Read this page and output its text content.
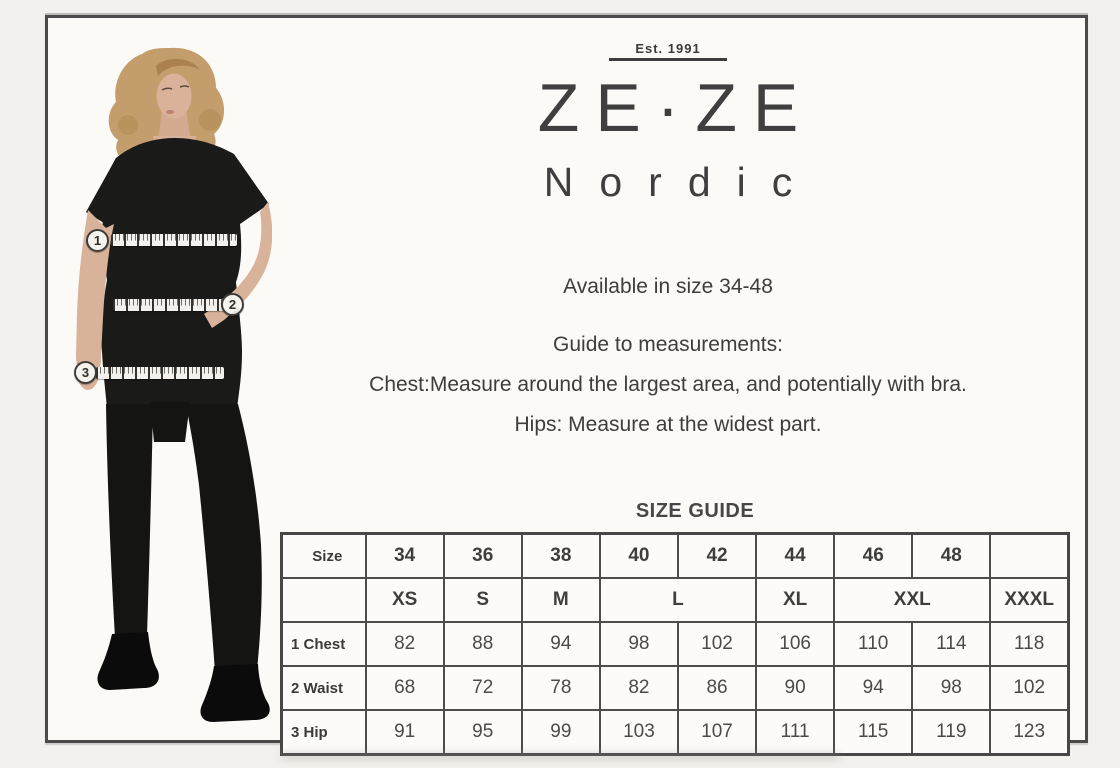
1
2
3
Est. 1991
ZE·ZE
Nordic

Available in size 34-48

Guide to measurements:

Chest:Measure around the largest area, and potentially with bra.

Hips: Measure at the widest part.

SIZE GUIDE
Size	34	36	38	40	42	44	46	48	
	XS	S	M	L		XL	XXL		XXXL
1 Chest	82	88	94	98	102	106	110	114	118
2 Waist	68	72	78	82	86	90	94	98	102
3 Hip	91	95	99	103	107	111	115	119	123
